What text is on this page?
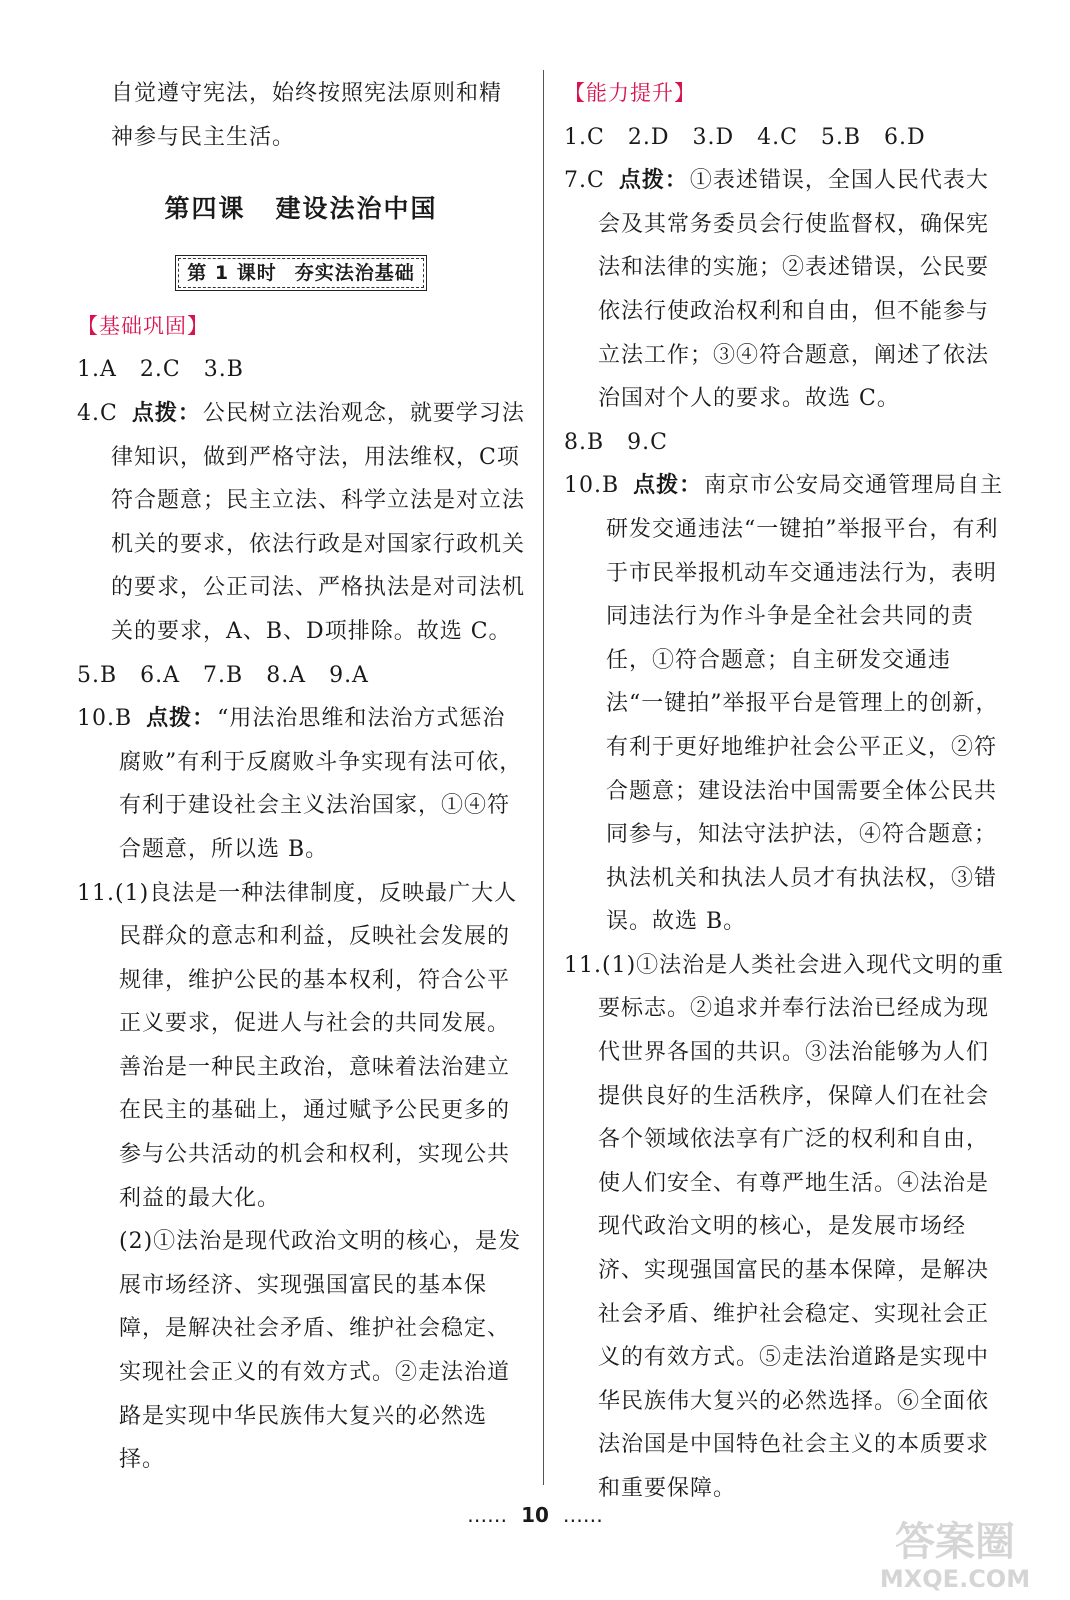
自觉遵守宪法，始终按照宪法原则和精
神参与民主生活。

第四课 建设法治中国
第 1 课时 夯实法治基础

【基础巩固】

1.A　2.C　3.B

4.C 点拨：公民树立法治观念，就要学习法律知识，做到严格守法，用法维权，C项符合题意；民主立法、科学立法是对立法机关的要求，依法行政是对国家行政机关的要求，公正司法、严格执法是对司法机关的要求，A、B、D项排除。故选 C。

5.B　6.A　7.B　8.A　9.A

10.B 点拨：“用法治思维和法治方式惩治腐败”有利于反腐败斗争实现有法可依，有利于建设社会主义法治国家，①④符合题意，所以选 B。

11.(1)良法是一种法律制度，反映最广大人民群众的意志和利益，反映社会发展的规律，维护公民的基本权利，符合公平正义要求，促进人与社会的共同发展。善治是一种民主政治，意味着法治建立在民主的基础上，通过赋予公民更多的参与公共活动的机会和权利，实现公共利益的最大化。

(2)①法治是现代政治文明的核心，是发展市场经济、实现强国富民的基本保障，是解决社会矛盾、维护社会稳定、实现社会正义的有效方式。②走法治道路是实现中华民族伟大复兴的必然选择。

【能力提升】

1.C　2.D　3.D　4.C　5.B　6.D

7.C 点拨：①表述错误，全国人民代表大会及其常务委员会行使监督权，确保宪法和法律的实施；②表述错误，公民要依法行使政治权利和自由，但不能参与立法工作；③④符合题意，阐述了依法治国对个人的要求。故选 C。

8.B　9.C

10.B 点拨：南京市公安局交通管理局自主研发交通违法“一键拍”举报平台，有利于市民举报机动车交通违法行为，表明同违法行为作斗争是全社会共同的责任，①符合题意；自主研发交通违法“一键拍”举报平台是管理上的创新，有利于更好地维护社会公平正义，②符合题意；建设法治中国需要全体公民共同参与，知法守法护法，④符合题意；执法机关和执法人员才有执法权，③错误。故选 B。

11.(1)①法治是人类社会进入现代文明的重要标志。②追求并奉行法治已经成为现代世界各国的共识。③法治能够为人们提供良好的生活秩序，保障人们在社会各个领域依法享有广泛的权利和自由，使人们安全、有尊严地生活。④法治是现代政治文明的核心，是发展市场经济、实现强国富民的基本保障，是解决社会矛盾、维护社会稳定、实现社会正义的有效方式。⑤走法治道路是实现中华民族伟大复兴的必然选择。⑥全面依法治国是中国特色社会主义的本质要求和重要保障。

…… 10 ……
答案圈
MXQE.COM
